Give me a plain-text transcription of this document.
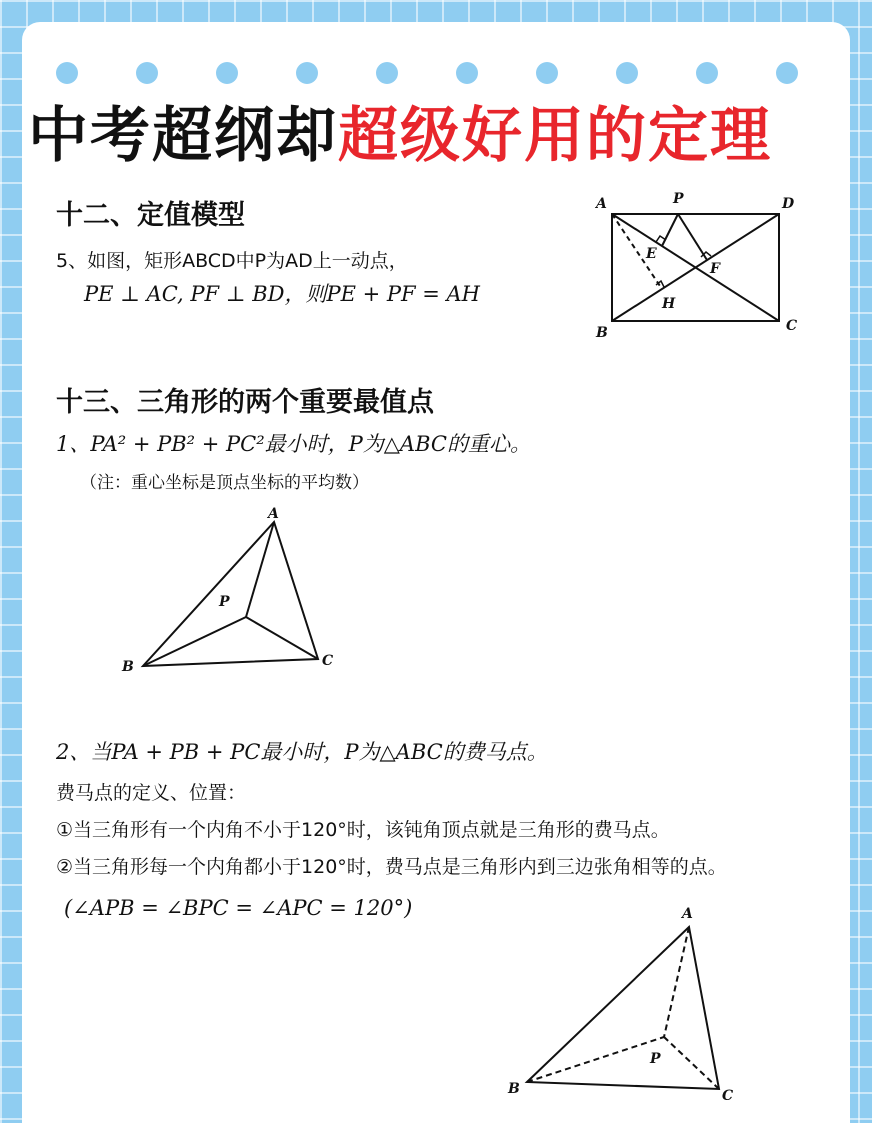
中考超纲却超级好用的定理
十二、定值模型

5、如图，矩形ABCD中P为AD上一动点，

PE ⊥ AC, PF ⊥ BD，则PE + PF = AH

A	P	D
E
F
H
B	C
十三、三角形的两个重要最值点

1、PA² + PB² + PC²最小时，P为△ABC的重心。

（注：重心坐标是顶点坐标的平均数）

A
P
B	C

2、当PA + PB + PC最小时，P为△ABC的费马点。

费马点的定义、位置：

①当三角形有一个内角不小于120°时，该钝角顶点就是三角形的费马点。

②当三角形每一个内角都小于120°时，费马点是三角形内到三边张角相等的点。

(∠APB = ∠BPC = ∠APC = 120°)	A
P
B	C
